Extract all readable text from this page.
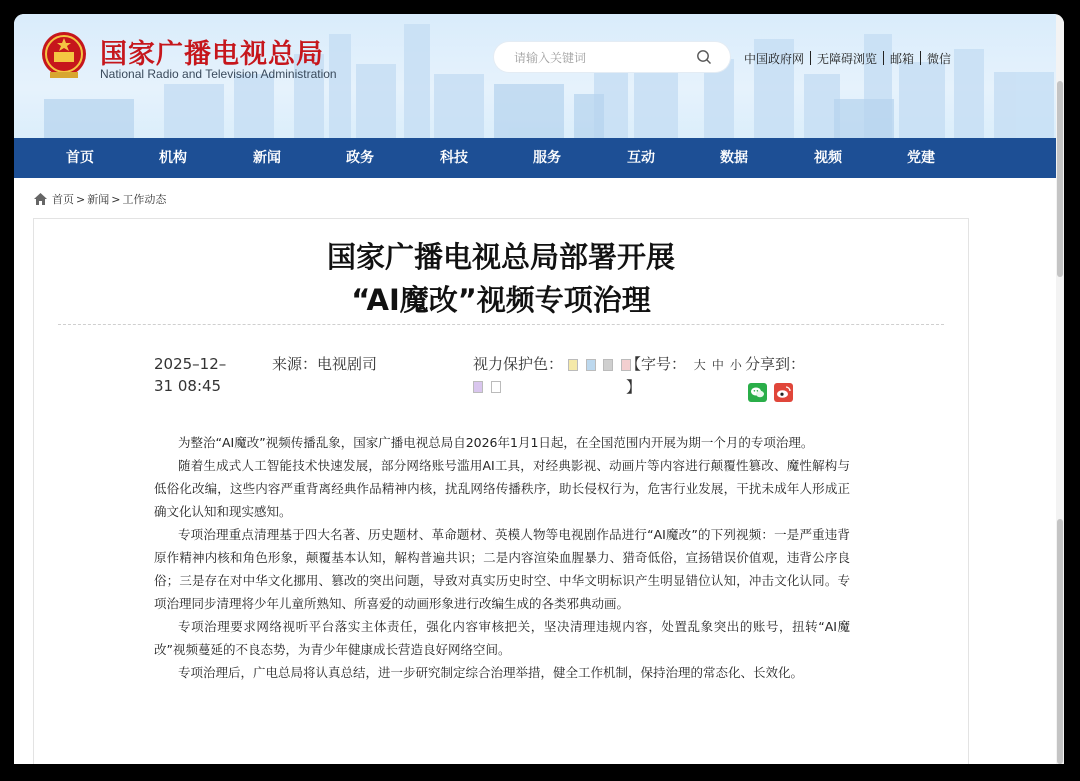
国家广播电视总局
National Radio and Television Administration
请输入关键词
中国政府网 无障碍浏览 邮箱 微信
首页	机构	新闻	政务	科技	服务	互动	数据	视频	党建
首页 > 新闻 > 工作动态
国家广播电视总局部署开展
“AI魔改”视频专项治理
2025–12–
31 08:45
来源：电视剧司	视力保护色：
	【字号： 大 中 小
】
分享到：

为整治“AI魔改”视频传播乱象，国家广播电视总局自2026年1月1日起，在全国范围内开展为期一个月的专项治理。

随着生成式人工智能技术快速发展，部分网络账号滥用AI工具，对经典影视、动画片等内容进行颠覆性篡改、魔性解构与低俗化改编，这些内容严重背离经典作品精神内核，扰乱网络传播秩序，助长侵权行为，危害行业发展，干扰未成年人形成正确文化认知和现实感知。

专项治理重点清理基于四大名著、历史题材、革命题材、英模人物等电视剧作品进行“AI魔改”的下列视频：一是严重违背原作精神内核和角色形象，颠覆基本认知，解构普遍共识；二是内容渲染血腥暴力、猎奇低俗，宣扬错误价值观，违背公序良俗；三是存在对中华文化挪用、篡改的突出问题，导致对真实历史时空、中华文明标识产生明显错位认知，冲击文化认同。专项治理同步清理将少年儿童所熟知、所喜爱的动画形象进行改编生成的各类邪典动画。

专项治理要求网络视听平台落实主体责任，强化内容审核把关，坚决清理违规内容，处置乱象突出的账号，扭转“AI魔改”视频蔓延的不良态势，为青少年健康成长营造良好网络空间。

专项治理后，广电总局将认真总结，进一步研究制定综合治理举措，健全工作机制，保持治理的常态化、长效化。
